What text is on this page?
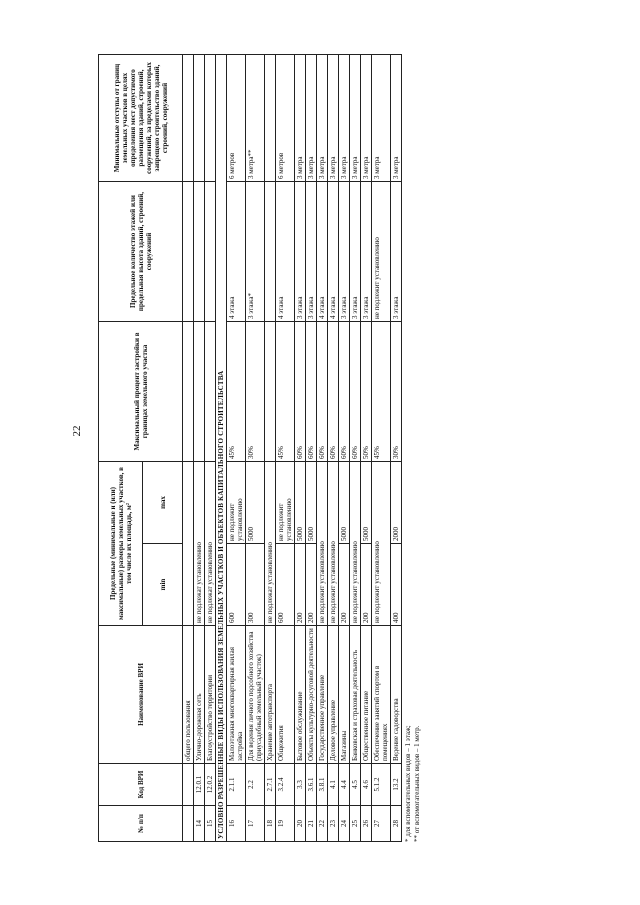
22
№ п/п	Код ВРИ	Наименование ВРИ	Предельные (минимальные и (или) максимальные) размеры земельных участков, в том числе их площадь, м²		Максимальный процент застройки в границах земельного участка	Предельное количество этажей или предельная высота зданий, строений, сооружений	Минимальные отступы от границ земельных участков в целях определения мест допустимого размещения зданий, строений, сооружений, за пределами которых запрещено строительство зданий, строений, сооружений
			min	max			
		общего пользования					
14	12.0.1	Улично-дорожная сеть	не подлежат установлению				
15	12.0.2	Благоустройство территории	не подлежат установлению				
УСЛОВНО РАЗРЕШЕННЫЕ ВИДЫ ИСПОЛЬЗОВАНИЯ ЗЕМЕЛЬНЫХ УЧАСТКОВ И ОБЪЕКТОВ КАПИТАЛЬНОГО СТРОИТЕЛЬСТВА							
16	2.1.1	Малоэтажная многоквартирная жилая застройка	600	не подлежит установлению	45%	4 этажа	6 метров
17	2.2	Для ведения личного подсобного хозяйства (приусадебный земельный участок)	300	5000	30%	3 этажа*	3 метра**
18	2.7.1	Хранение автотранспорта	не подлежат установлению				
19	3.2.4	Общежития	600	не подлежит установлению	45%	4 этажа	6 метров
20	3.3	Бытовое обслуживание	200	5000	60%	3 этажа	3 метра
21	3.6.1	Объекты культурно-досуговой деятельности	200	5000	60%	3 этажа	3 метра
22	3.8.1	Государственное управление	не подлежит установлению		60%	4 этажа	3 метра
23	4.1	Деловое управление	не подлежит установлению		60%	4 этажа	3 метра
24	4.4	Магазины	200	5000	60%	3 этажа	3 метра
25	4.5	Банковская и страховая деятельность	не подлежит установлению		60%	3 этажа	3 метра
26	4.6	Общественное питание	200	5000	50%	3 этажа	3 метра
27	5.1.2	Обеспечение занятий спортом в помещениях	не подлежит установлению		45%	не подлежит установлению	3 метра
28	13.2	Ведение садоводства	400	2000	30%	3 этажа	3 метра
* для вспомогательных видов – 1 этаж; ** от вспомогательных видов – 1 метр.
